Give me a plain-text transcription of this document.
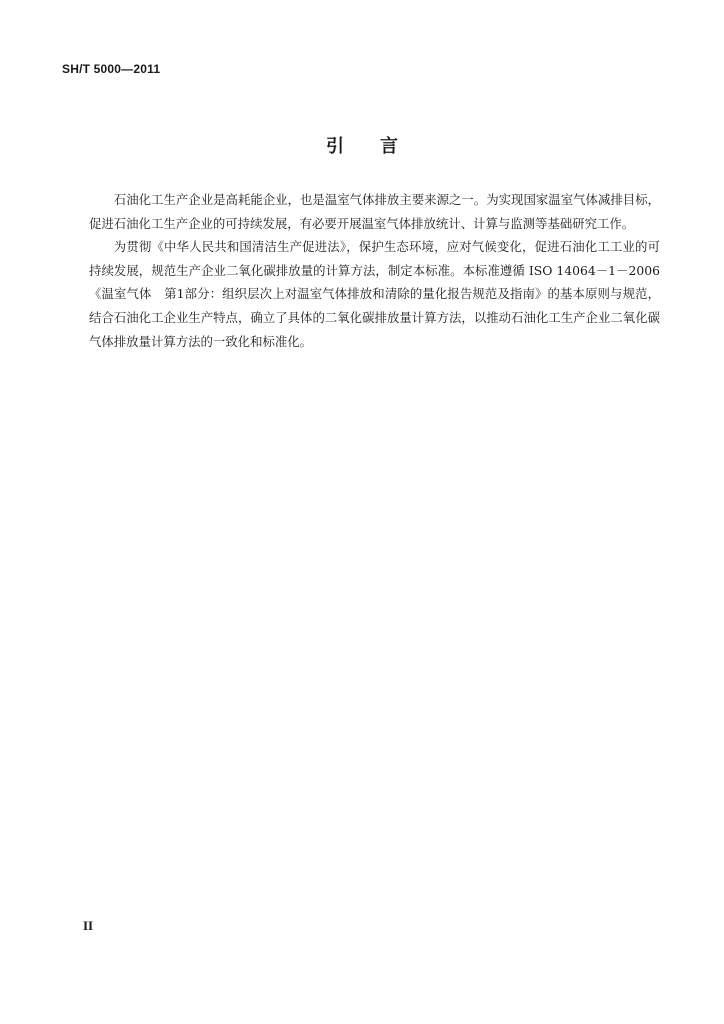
SH/T 5000—2011
引言

石油化工生产企业是高耗能企业，也是温室气体排放主要来源之一。为实现国家温室气体减排目标，促进石油化工生产企业的可持续发展，有必要开展温室气体排放统计、计算与监测等基础研究工作。

为贯彻《中华人民共和国清洁生产促进法》，保护生态环境，应对气候变化，促进石油化工工业的可持续发展，规范生产企业二氧化碳排放量的计算方法，制定本标准。本标准遵循 ISO 14064－1－2006《温室气体　第1部分：组织层次上对温室气体排放和清除的量化报告规范及指南》的基本原则与规范，结合石油化工企业生产特点，确立了具体的二氧化碳排放量计算方法，以推动石油化工生产企业二氧化碳气体排放量计算方法的一致化和标准化。

II
